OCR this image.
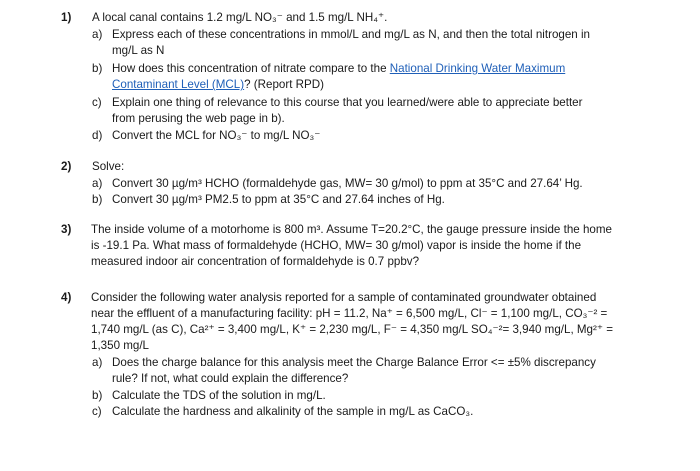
1) A local canal contains 1.2 mg/L NO₃⁻ and 1.5 mg/L NH₄⁺.
a) Express each of these concentrations in mmol/L and mg/L as N, and then the total nitrogen in
mg/L as N
b) How does this concentration of nitrate compare to the National Drinking Water Maximum
Contaminant Level (MCL)? (Report RPD)
c) Explain one thing of relevance to this course that you learned/were able to appreciate better
from perusing the web page in b).
d) Convert the MCL for NO₃⁻ to mg/L NO₃⁻
2) Solve:
a) Convert 30 µg/m³ HCHO (formaldehyde gas, MW= 30 g/mol) to ppm at 35°C and 27.64’ Hg.
b) Convert 30 µg/m³ PM2.5 to ppm at 35°C and 27.64 inches of Hg.
3) The inside volume of a motorhome is 800 m³. Assume T=20.2°C, the gauge pressure inside the home
is -19.1 Pa. What mass of formaldehyde (HCHO, MW= 30 g/mol) vapor is inside the home if the
measured indoor air concentration of formaldehyde is 0.7 ppbv?
4) Consider the following water analysis reported for a sample of contaminated groundwater obtained
near the effluent of a manufacturing facility: pH = 11.2, Na⁺ = 6,500 mg/L, Cl⁻ = 1,100 mg/L, CO₃⁻² =
1,740 mg/L (as C), Ca²⁺ = 3,400 mg/L, K⁺ = 2,230 mg/L, F⁻ = 4,350 mg/L SO₄⁻²= 3,940 mg/L, Mg²⁺ =
1,350 mg/L
a) Does the charge balance for this analysis meet the Charge Balance Error <= ±5% discrepancy
rule? If not, what could explain the difference?
b) Calculate the TDS of the solution in mg/L.
c) Calculate the hardness and alkalinity of the sample in mg/L as CaCO₃.
